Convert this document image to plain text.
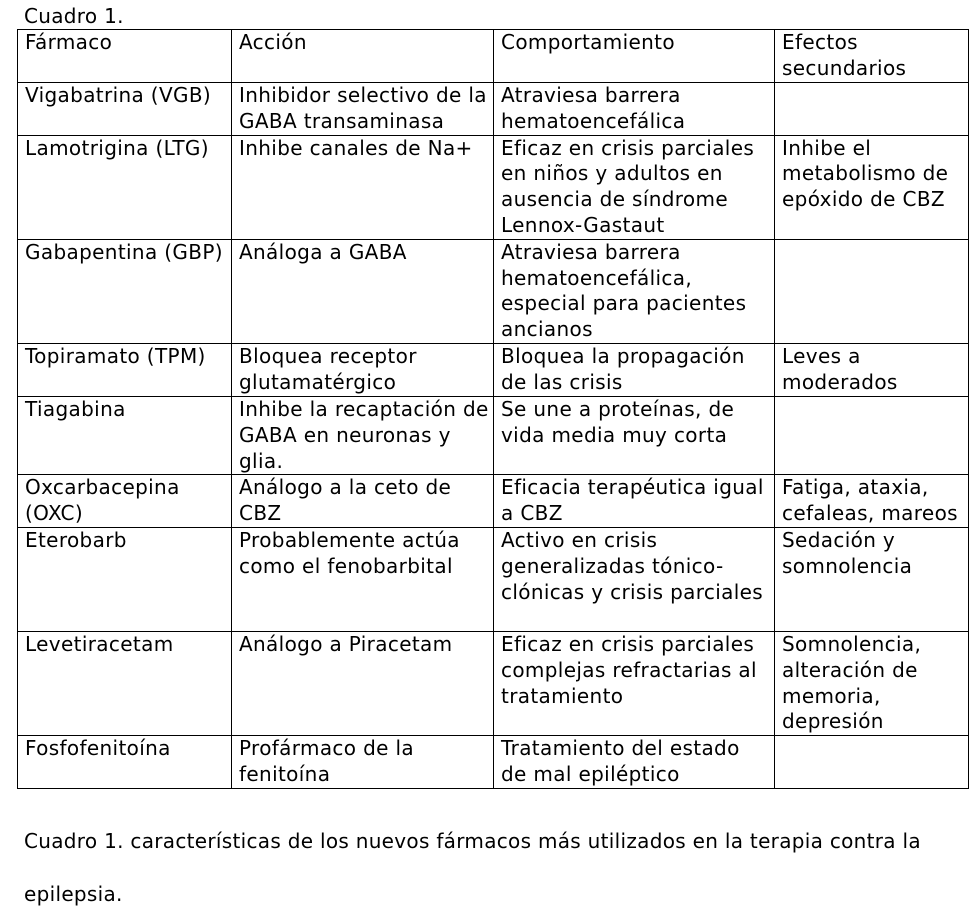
Cuadro 1.
Fármaco	Acción	Comportamiento	Efectos secundarios
Vigabatrina (VGB)	Inhibidor selectivo de la GABA transaminasa	Atraviesa barrera hematoencefálica	
Lamotrigina (LTG)	Inhibe canales de Na+	Eficaz en crisis parciales en niños y adultos en ausencia de síndrome Lennox-Gastaut	Inhibe el metabolismo de epóxido de CBZ
Gabapentina (GBP)	Análoga a GABA	Atraviesa barrera hematoencefálica, especial para pacientes ancianos	
Topiramato (TPM)	Bloquea receptor glutamatérgico	Bloquea la propagación de las crisis	Leves a moderados
Tiagabina	Inhibe la recaptación de GABA en neuronas y glia.	Se une a proteínas, de vida media muy corta	
Oxcarbacepina (OXC)	Análogo a la ceto de CBZ	Eficacia terapéutica igual a CBZ	Fatiga, ataxia, cefaleas, mareos
Eterobarb	Probablemente actúa como el fenobarbital	Activo en crisis generalizadas tónico-clónicas y crisis parciales	Sedación y somnolencia
Levetiracetam	Análogo a Piracetam	Eficaz en crisis parciales complejas refractarias al tratamiento	Somnolencia, alteración de memoria, depresión
Fosfofenitoína	Profármaco de la fenitoína	Tratamiento del estado de mal epiléptico	
Cuadro 1. características de los nuevos fármacos más utilizados en la terapia contra la epilepsia.
